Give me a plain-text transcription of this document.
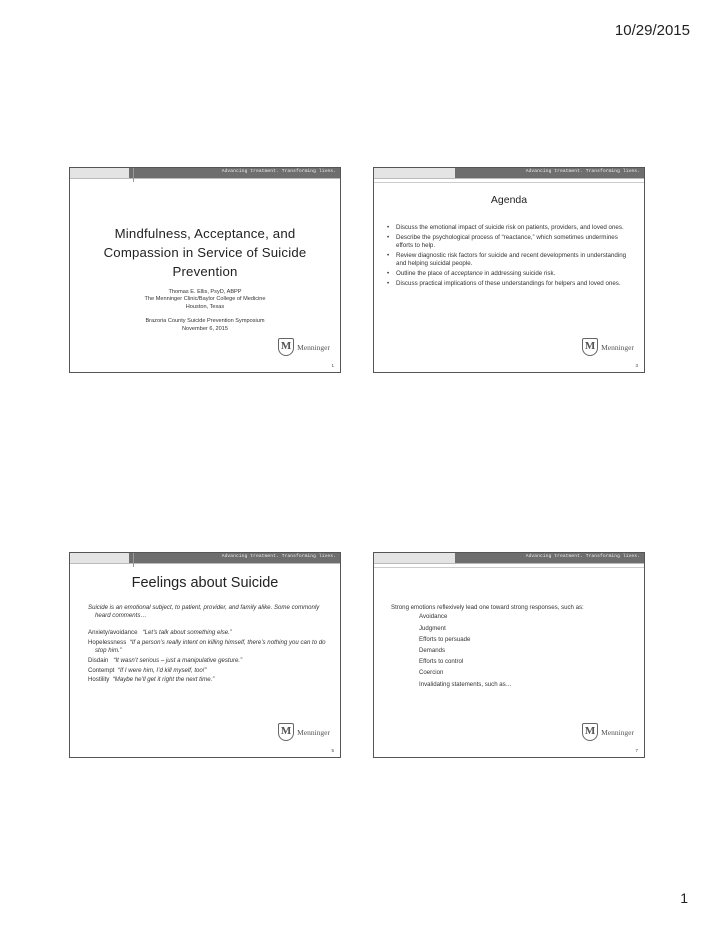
10/29/2015
Advancing treatment. Transforming lives.
Mindfulness, Acceptance, and Compassion in Service of Suicide Prevention

Thomas E. Ellis, PsyD, ABPP

The Menninger Clinic/Baylor College of Medicine

Houston, Texas

Brazoria County Suicide Prevention Symposium

November 6, 2015

M Menninger
1
Advancing treatment. Transforming lives.
Agenda
• Discuss the emotional impact of suicide risk on patients, providers, and loved ones.
• Describe the psychological process of “reactance,” which sometimes undermines efforts to help.
• Review diagnostic risk factors for suicide and recent developments in understanding and helping suicidal people.
• Outline the place of acceptance in addressing suicide risk.
• Discuss practical implications of these understandings for helpers and loved ones.
M Menninger
3
Advancing treatment. Transforming lives.
Feelings about Suicide

Suicide is an emotional subject, to patient, provider, and family alike. Some commonly heard comments…

Anxiety/avoidance “Let’s talk about something else.”

Hopelessness “If a person’s really intent on killing himself, there’s nothing you can to do stop him.”

Disdain “It wasn’t serious – just a manipulative gesture.”

Contempt “If I were him, I’d kill myself, too!”

Hostility “Maybe he’ll get it right the next time.”

M Menninger
5
Advancing treatment. Transforming lives.

Strong emotions reflexively lead one toward strong responses, such as:

Avoidance
Judgment
Efforts to persuade
Demands
Efforts to control
Coercion
Invalidating statements, such as…
M Menninger
7
1
